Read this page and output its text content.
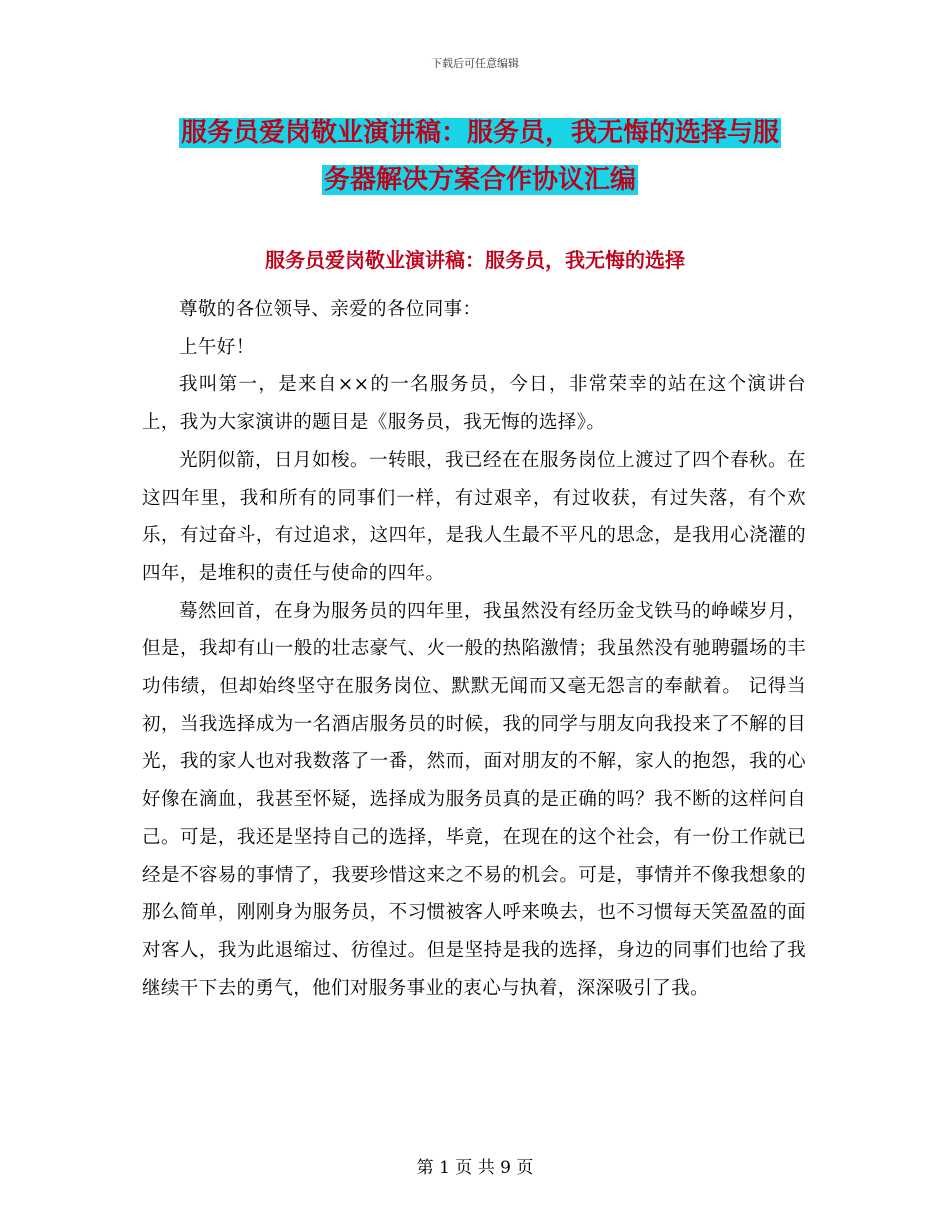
下载后可任意编辑
服务员爱岗敬业演讲稿：服务员，我无悔的选择与服
务器解决方案合作协议汇编
服务员爱岗敬业演讲稿：服务员，我无悔的选择

尊敬的各位领导、亲爱的各位同事：

上午好！

我叫第一，是来自××的一名服务员，今日，非常荣幸的站在这个演讲台上，我为大家演讲的题目是《服务员，我无悔的选择》。

光阴似箭，日月如梭。一转眼，我已经在在服务岗位上渡过了四个春秋。在这四年里，我和所有的同事们一样，有过艰辛，有过收获，有过失落，有个欢乐，有过奋斗，有过追求，这四年，是我人生最不平凡的思念，是我用心浇灌的四年，是堆积的责任与使命的四年。

蓦然回首，在身为服务员的四年里，我虽然没有经历金戈铁马的峥嵘岁月，但是，我却有山一般的壮志豪气、火一般的热陷激情；我虽然没有驰聘疆场的丰功伟绩，但却始终坚守在服务岗位、默默无闻而又毫无怨言的奉献着。 记得当初，当我选择成为一名酒店服务员的时候，我的同学与朋友向我投来了不解的目光，我的家人也对我数落了一番，然而，面对朋友的不解，家人的抱怨，我的心好像在滴血，我甚至怀疑，选择成为服务员真的是正确的吗？我不断的这样问自己。可是，我还是坚持自己的选择，毕竟，在现在的这个社会，有一份工作就已经是不容易的事情了，我要珍惜这来之不易的机会。可是，事情并不像我想象的那么简单，刚刚身为服务员，不习惯被客人呼来唤去，也不习惯每天笑盈盈的面对客人，我为此退缩过、彷徨过。但是坚持是我的选择，身边的同事们也给了我继续干下去的勇气，他们对服务事业的衷心与执着，深深吸引了我。

第 1 页 共 9 页
